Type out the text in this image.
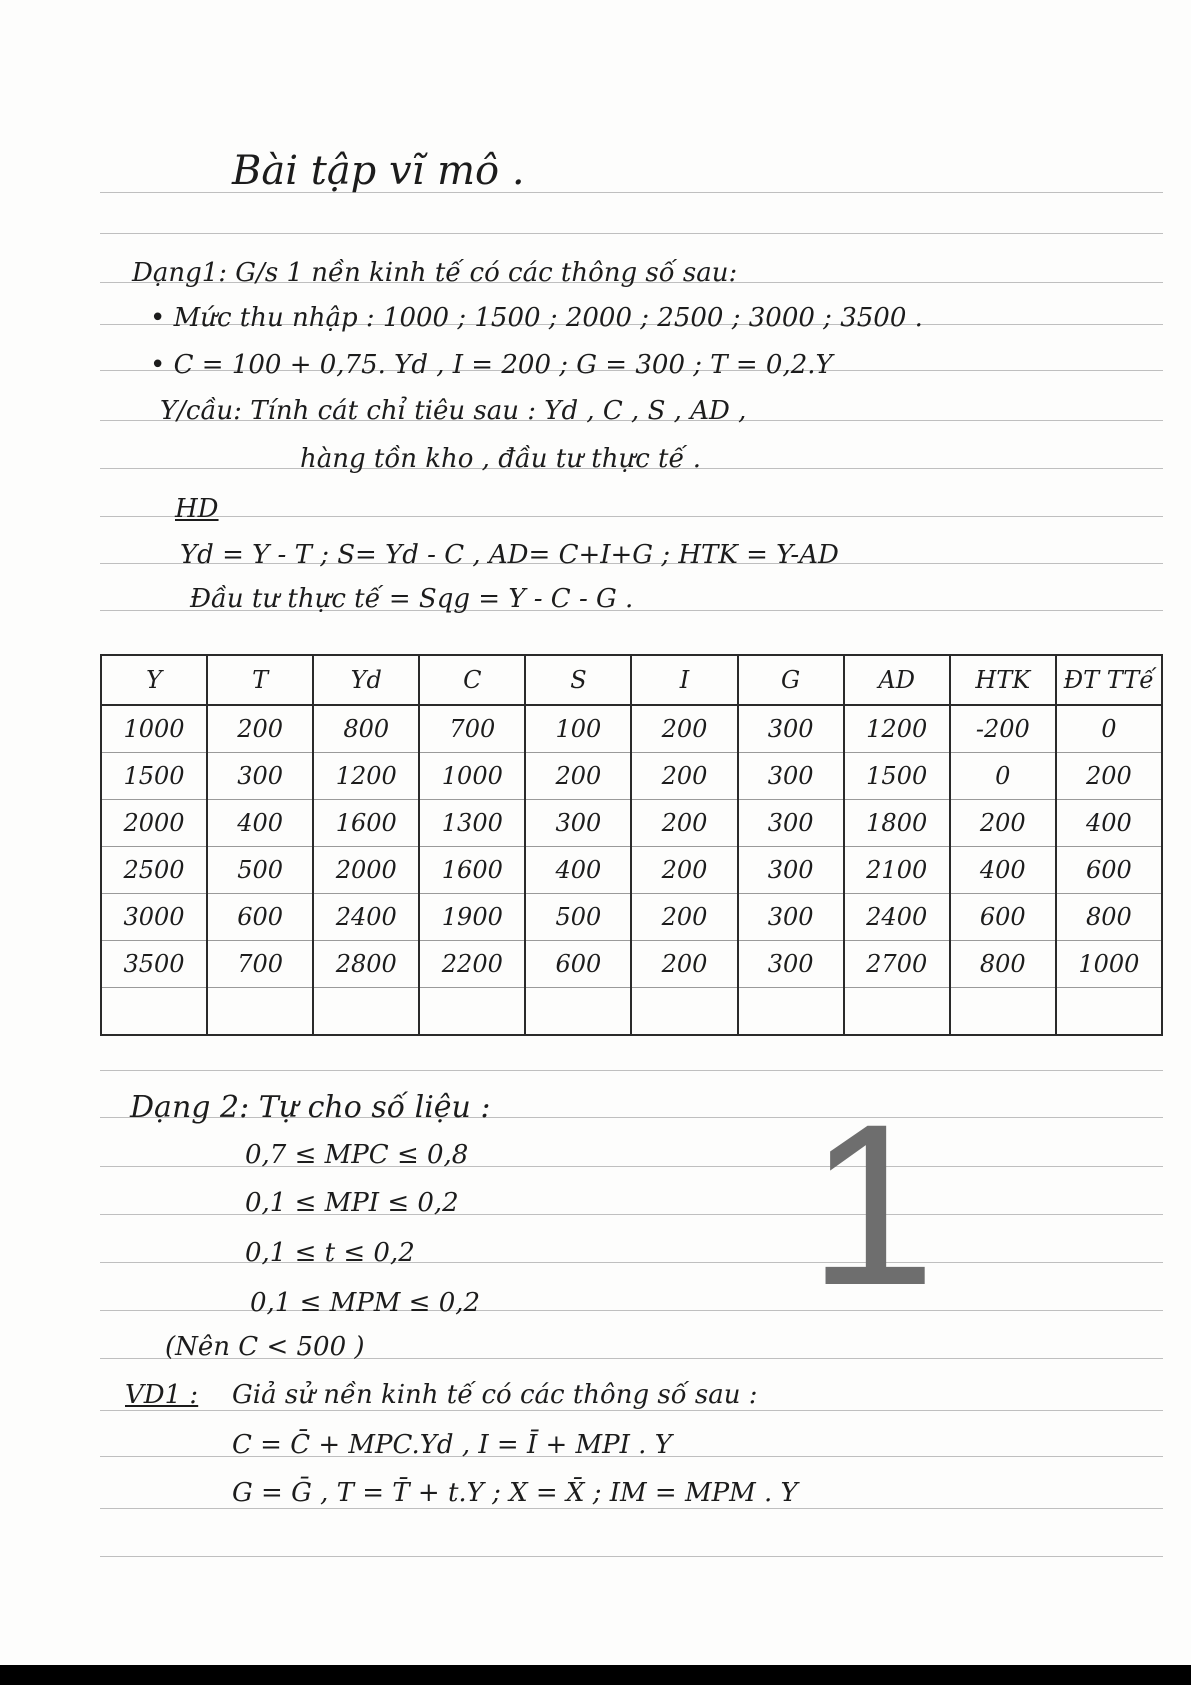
Bài tập vĩ mô .
Dạng1: G/s 1 nền kinh tế có các thông số sau:
• Mức thu nhập : 1000 ; 1500 ; 2000 ; 2500 ; 3000 ; 3500 .
• C = 100 + 0,75. Yd , I = 200 ; G = 300 ; T = 0,2.Y
Y/cầu: Tính cát chỉ tiêu sau : Yd , C , S , AD ,
hàng tồn kho , đầu tư thực tế .
HD
Yd = Y - T ; S= Yd - C , AD= C+I+G ; HTK = Y-AD
Đầu tư thực tế = Sqg = Y - C - G .
Y	T	Yd	C	S	I	G	AD	HTK	ĐT TTế
1000	200	800	700	100	200	300	1200	-200	0
1500	300	1200	1000	200	200	300	1500	0	200
2000	400	1600	1300	300	200	300	1800	200	400
2500	500	2000	1600	400	200	300	2100	400	600
3000	600	2400	1900	500	200	300	2400	600	800
3500	700	2800	2200	600	200	300	2700	800	1000

Dạng 2: Tự cho số liệu :
0,7 ≤ MPC ≤ 0,8
0,1 ≤ MPI ≤ 0,2
0,1 ≤ t ≤ 0,2
0,1 ≤ MPM ≤ 0,2
(Nên C < 500 )
VD1 : Giả sử nền kinh tế có các thông số sau :
C = C̄ + MPC.Yd , I = Ī + MPI . Y
G = Ḡ , T = T̄ + t.Y ; X = X̄ ; IM = MPM . Y
1
